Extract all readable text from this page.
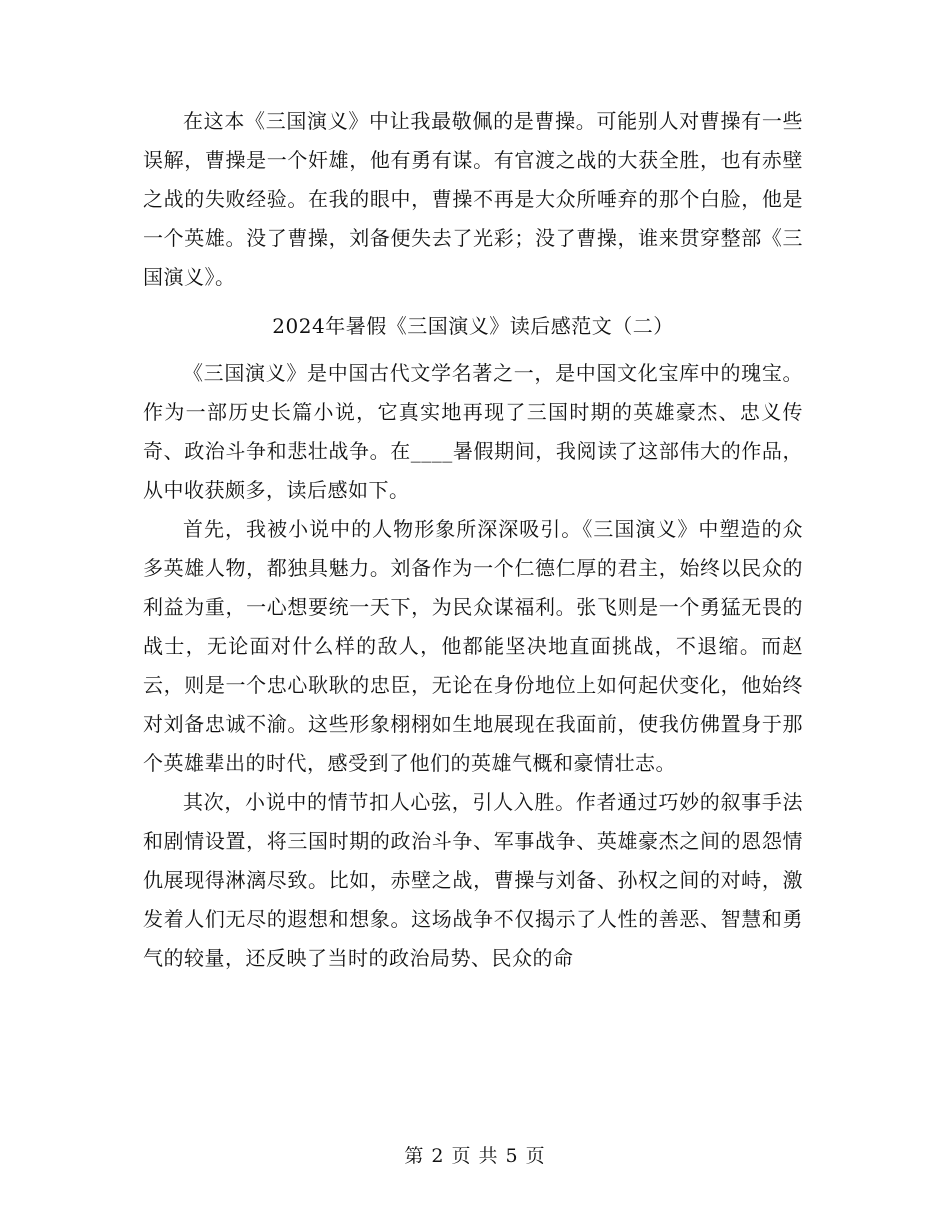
在这本《三国演义》中让我最敬佩的是曹操。可能别人对曹操有一些误解，曹操是一个奸雄，他有勇有谋。有官渡之战的大获全胜，也有赤壁之战的失败经验。在我的眼中，曹操不再是大众所唾弃的那个白脸，他是一个英雄。没了曹操，刘备便失去了光彩；没了曹操，谁来贯穿整部《三国演义》。

2024年暑假《三国演义》读后感范文（二）

《三国演义》是中国古代文学名著之一，是中国文化宝库中的瑰宝。作为一部历史长篇小说，它真实地再现了三国时期的英雄豪杰、忠义传奇、政治斗争和悲壮战争。在____暑假期间，我阅读了这部伟大的作品，从中收获颇多，读后感如下。

首先，我被小说中的人物形象所深深吸引。《三国演义》中塑造的众多英雄人物，都独具魅力。刘备作为一个仁德仁厚的君主，始终以民众的利益为重，一心想要统一天下，为民众谋福利。张飞则是一个勇猛无畏的战士，无论面对什么样的敌人，他都能坚决地直面挑战，不退缩。而赵云，则是一个忠心耿耿的忠臣，无论在身份地位上如何起伏变化，他始终对刘备忠诚不渝。这些形象栩栩如生地展现在我面前，使我仿佛置身于那个英雄辈出的时代，感受到了他们的英雄气概和豪情壮志。

其次，小说中的情节扣人心弦，引人入胜。作者通过巧妙的叙事手法和剧情设置，将三国时期的政治斗争、军事战争、英雄豪杰之间的恩怨情仇展现得淋漓尽致。比如，赤壁之战，曹操与刘备、孙权之间的对峙，激发着人们无尽的遐想和想象。这场战争不仅揭示了人性的善恶、智慧和勇气的较量，还反映了当时的政治局势、民众的命

第 2 页 共 5 页
